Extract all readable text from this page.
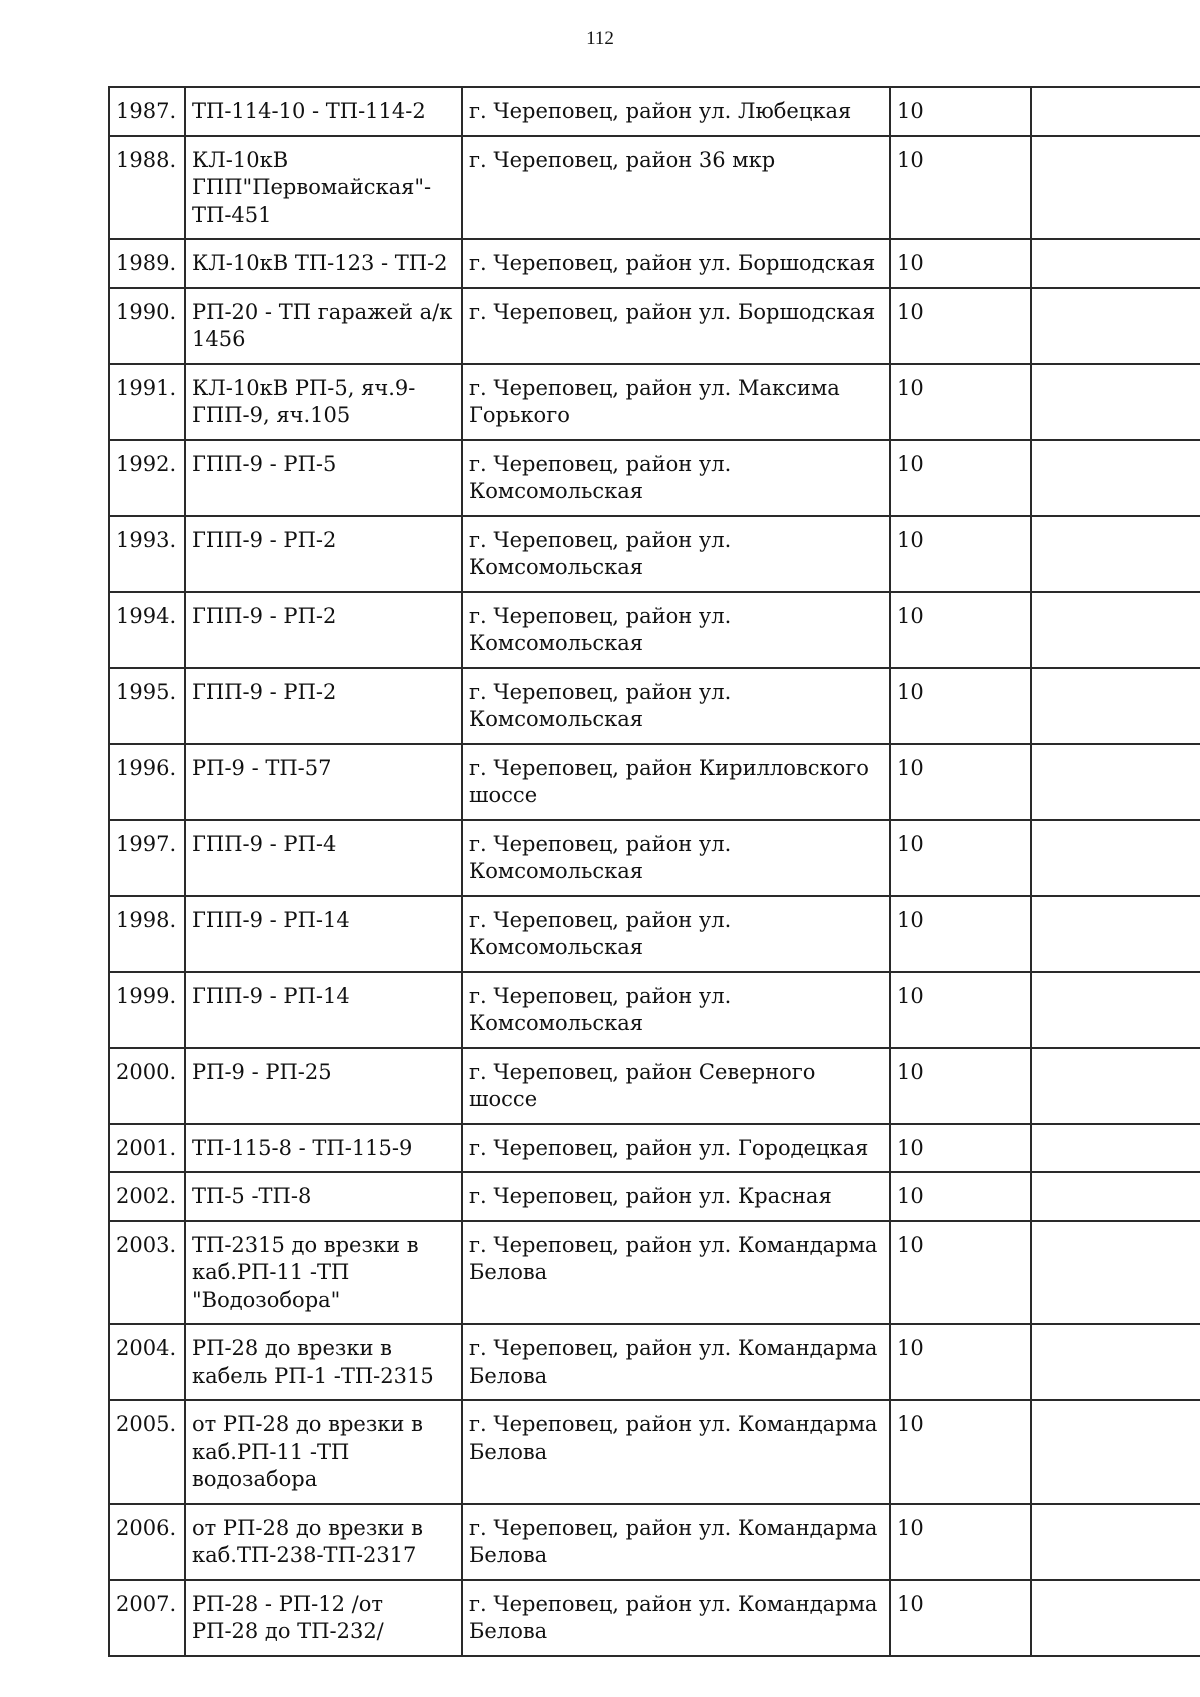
112
1987.	ТП-114-10 - ТП-114-2	г. Череповец, район ул. Любецкая	10	
1988.	КЛ-10кВ ГПП"Первомайская"-ТП-451	г. Череповец, район 36 мкр	10	
1989.	КЛ-10кВ ТП-123 - ТП-2	г. Череповец, район ул. Боршодская	10	
1990.	РП-20 - ТП гаражей а/к 1456	г. Череповец, район ул. Боршодская	10	
1991.	КЛ-10кВ РП-5, яч.9-ГПП-9, яч.105	г. Череповец, район ул. Максима Горького	10	
1992.	ГПП-9 - РП-5	г. Череповец, район ул. Комсомольская	10	
1993.	ГПП-9 - РП-2	г. Череповец, район ул. Комсомольская	10	
1994.	ГПП-9 - РП-2	г. Череповец, район ул. Комсомольская	10	
1995.	ГПП-9 - РП-2	г. Череповец, район ул. Комсомольская	10	
1996.	РП-9 - ТП-57	г. Череповец, район Кирилловского шоссе	10	
1997.	ГПП-9 - РП-4	г. Череповец, район ул. Комсомольская	10	
1998.	ГПП-9 - РП-14	г. Череповец, район ул. Комсомольская	10	
1999.	ГПП-9 - РП-14	г. Череповец, район ул. Комсомольская	10	
2000.	РП-9 - РП-25	г. Череповец, район Северного шоссе	10	
2001.	ТП-115-8 - ТП-115-9	г. Череповец, район ул. Городецкая	10	
2002.	ТП-5 -ТП-8	г. Череповец, район ул. Красная	10	
2003.	ТП-2315 до врезки в каб.РП-11 -ТП "Водозобора"	г. Череповец, район ул. Командарма Белова	10	
2004.	РП-28 до врезки в кабель РП-1 -ТП-2315	г. Череповец, район ул. Командарма Белова	10	
2005.	от РП-28 до врезки в каб.РП-11 -ТП водозабора	г. Череповец, район ул. Командарма Белова	10	
2006.	от РП-28 до врезки в каб.ТП-238-ТП-2317	г. Череповец, район ул. Командарма Белова	10	
2007.	РП-28 - РП-12 /от РП-28 до ТП-232/	г. Череповец, район ул. Командарма Белова	10	
